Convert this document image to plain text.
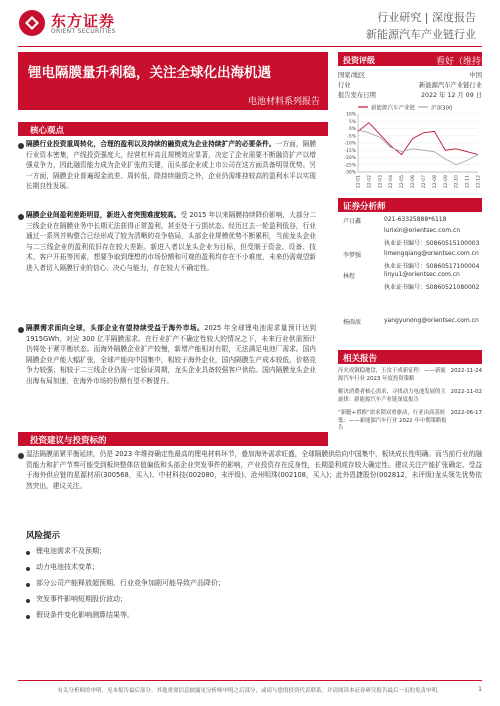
东方证券
ORIENT SECURITIES
行业研究 | 深度报告
新能源汽车产业链行业
锂电隔膜量升利稳，关注全球化出海机遇
电池材料系列报告
投资评级	看好（维持）
国家/地区	中国
行业	新能源汽车产业链行业
报告发布日期	2022 年 12 月 09 日
新能源汽车产业链	沪深300
10%
5%
0%
-5%
-10%
-15%
-20%
-25%
-30%
22-01 22-02 22-03 22-04 22-05 22-06 22-07 22-08 22-09 22-10 22-11 22-12
证券分析师
卢日鑫	021-63325888*6118
lurixin@orientsec.com.cn
执业证书编号：S0860515100003
李梦强	limengqiang@orientsec.com.cn
执业证书编号：S0860517100004
林煜	linyu1@orientsec.com.cn
执业证书编号：S0860521080002
杨雨浓	yangyunong@orientsec.com.cn
相关报告
淬火成钢稳地盘，玉汝于成新征程：——新能源汽车行业 2023 年度投资策略
2022-11-24
解决消费者核心需求，寻找动力电池发展的主旋律：新能源汽车产业链深度报告
2022-11-02
“新艇+置换”需求锁双重驱动，行业由高基转低：——新能源汽车行业 2022 年中期策略报告
2022-06-17
核心观点
隔膜行业投资重周转化，合理的盈利以及持续的融资成为企业持续扩产的必要条件。一方面，隔膜行业资本密集，产线投资强度大，经营杠杆高且规模效应显著，决定了企业需要不断融资扩产以增强竞争力，因此融资能力成为企业扩张的关键，而头部企业或上市公司在这方面具备明显优势。另一方面，隔膜企业普遍现金流差、周转低，除持续融资之外，企业仍需维持较高的盈利水平以实现长期良性发展。
隔膜企业间盈利差距明显，新进入者突围难度较高。受 2015 年以来隔膜持续降价影响，大部分二三线企业在隔膜业务中长期无法获得正常盈利，甚至处于亏损状态。经历过去一轮盈利低谷，行业通过一系列并购整合已经形成了较为清晰的竞争格局，头部企业规模优势不断累积，当前龙头企业与二三线企业的盈利依旧存在较大差距。新进入者以龙头企业为目标，但受制于资金、设备、技术、客户开拓等因素，想要争取到理想的市场份额和可观的盈利均存在不小难度，未来仍需观望新进入者切入隔膜行业的信心、决心与能力，存在较大不确定性。
隔膜需求面向全球，头部企业有望持续受益于海外市场。2025 年全球锂电池需求量预计达到 1915GWh，对应 300 亿平隔膜需求。在行业扩产不确定性较大的情况之下，未来行业供需预计仍将处于紧平衡状态。而海外隔膜企业扩产较慢，新增产能相对有限，无法满足电池厂需求。国内隔膜企业产能大幅扩张，全球产能向中国集中，相较于海外企业，国内隔膜生产成本较低，价格竞争力较强；相较于二三线企业仍需一定验证周期，龙头企业具备较强客户供给。国内隔膜龙头企业出海布局加速，在海外市场的份额有望不断提升。
投资建议与投资标的
湿法隔膜需紧平衡延续，仍是 2023 年维持确定性最高的锂电材料环节，叠加海外需求旺盛，全球隔膜供给向中国集中，板块成长性明确。而当前行业的融资能力和扩产节奏可能受到板块整体估值偏低和头部企业突发事件的影响，产业投资存在反身性，长期盈利或存较大确定性。建议关注产能扩张确定、受益于海外供应链的星源材质(300568，买入)、中材科技(002080，未评级)、沧州明珠(002108，买入)；此外恩捷股份(002812，未评级)龙头领先优势依然突出，建议关注。
风险提示
锂电池需求不及预期；
动力电池技术变革；
部分公司产能释放超预期、行业竞争加剧可能导致产品降价；
突发事件影响短期股价波动；
假设条件变化影响测算结果等。
有关分析师的申明，见本报告最后部分。其他重要信息披露见分析师申明之后部分，或请与您的投资代表联系。并请阅读本证券研究报告最后一页的免责申明。	1
